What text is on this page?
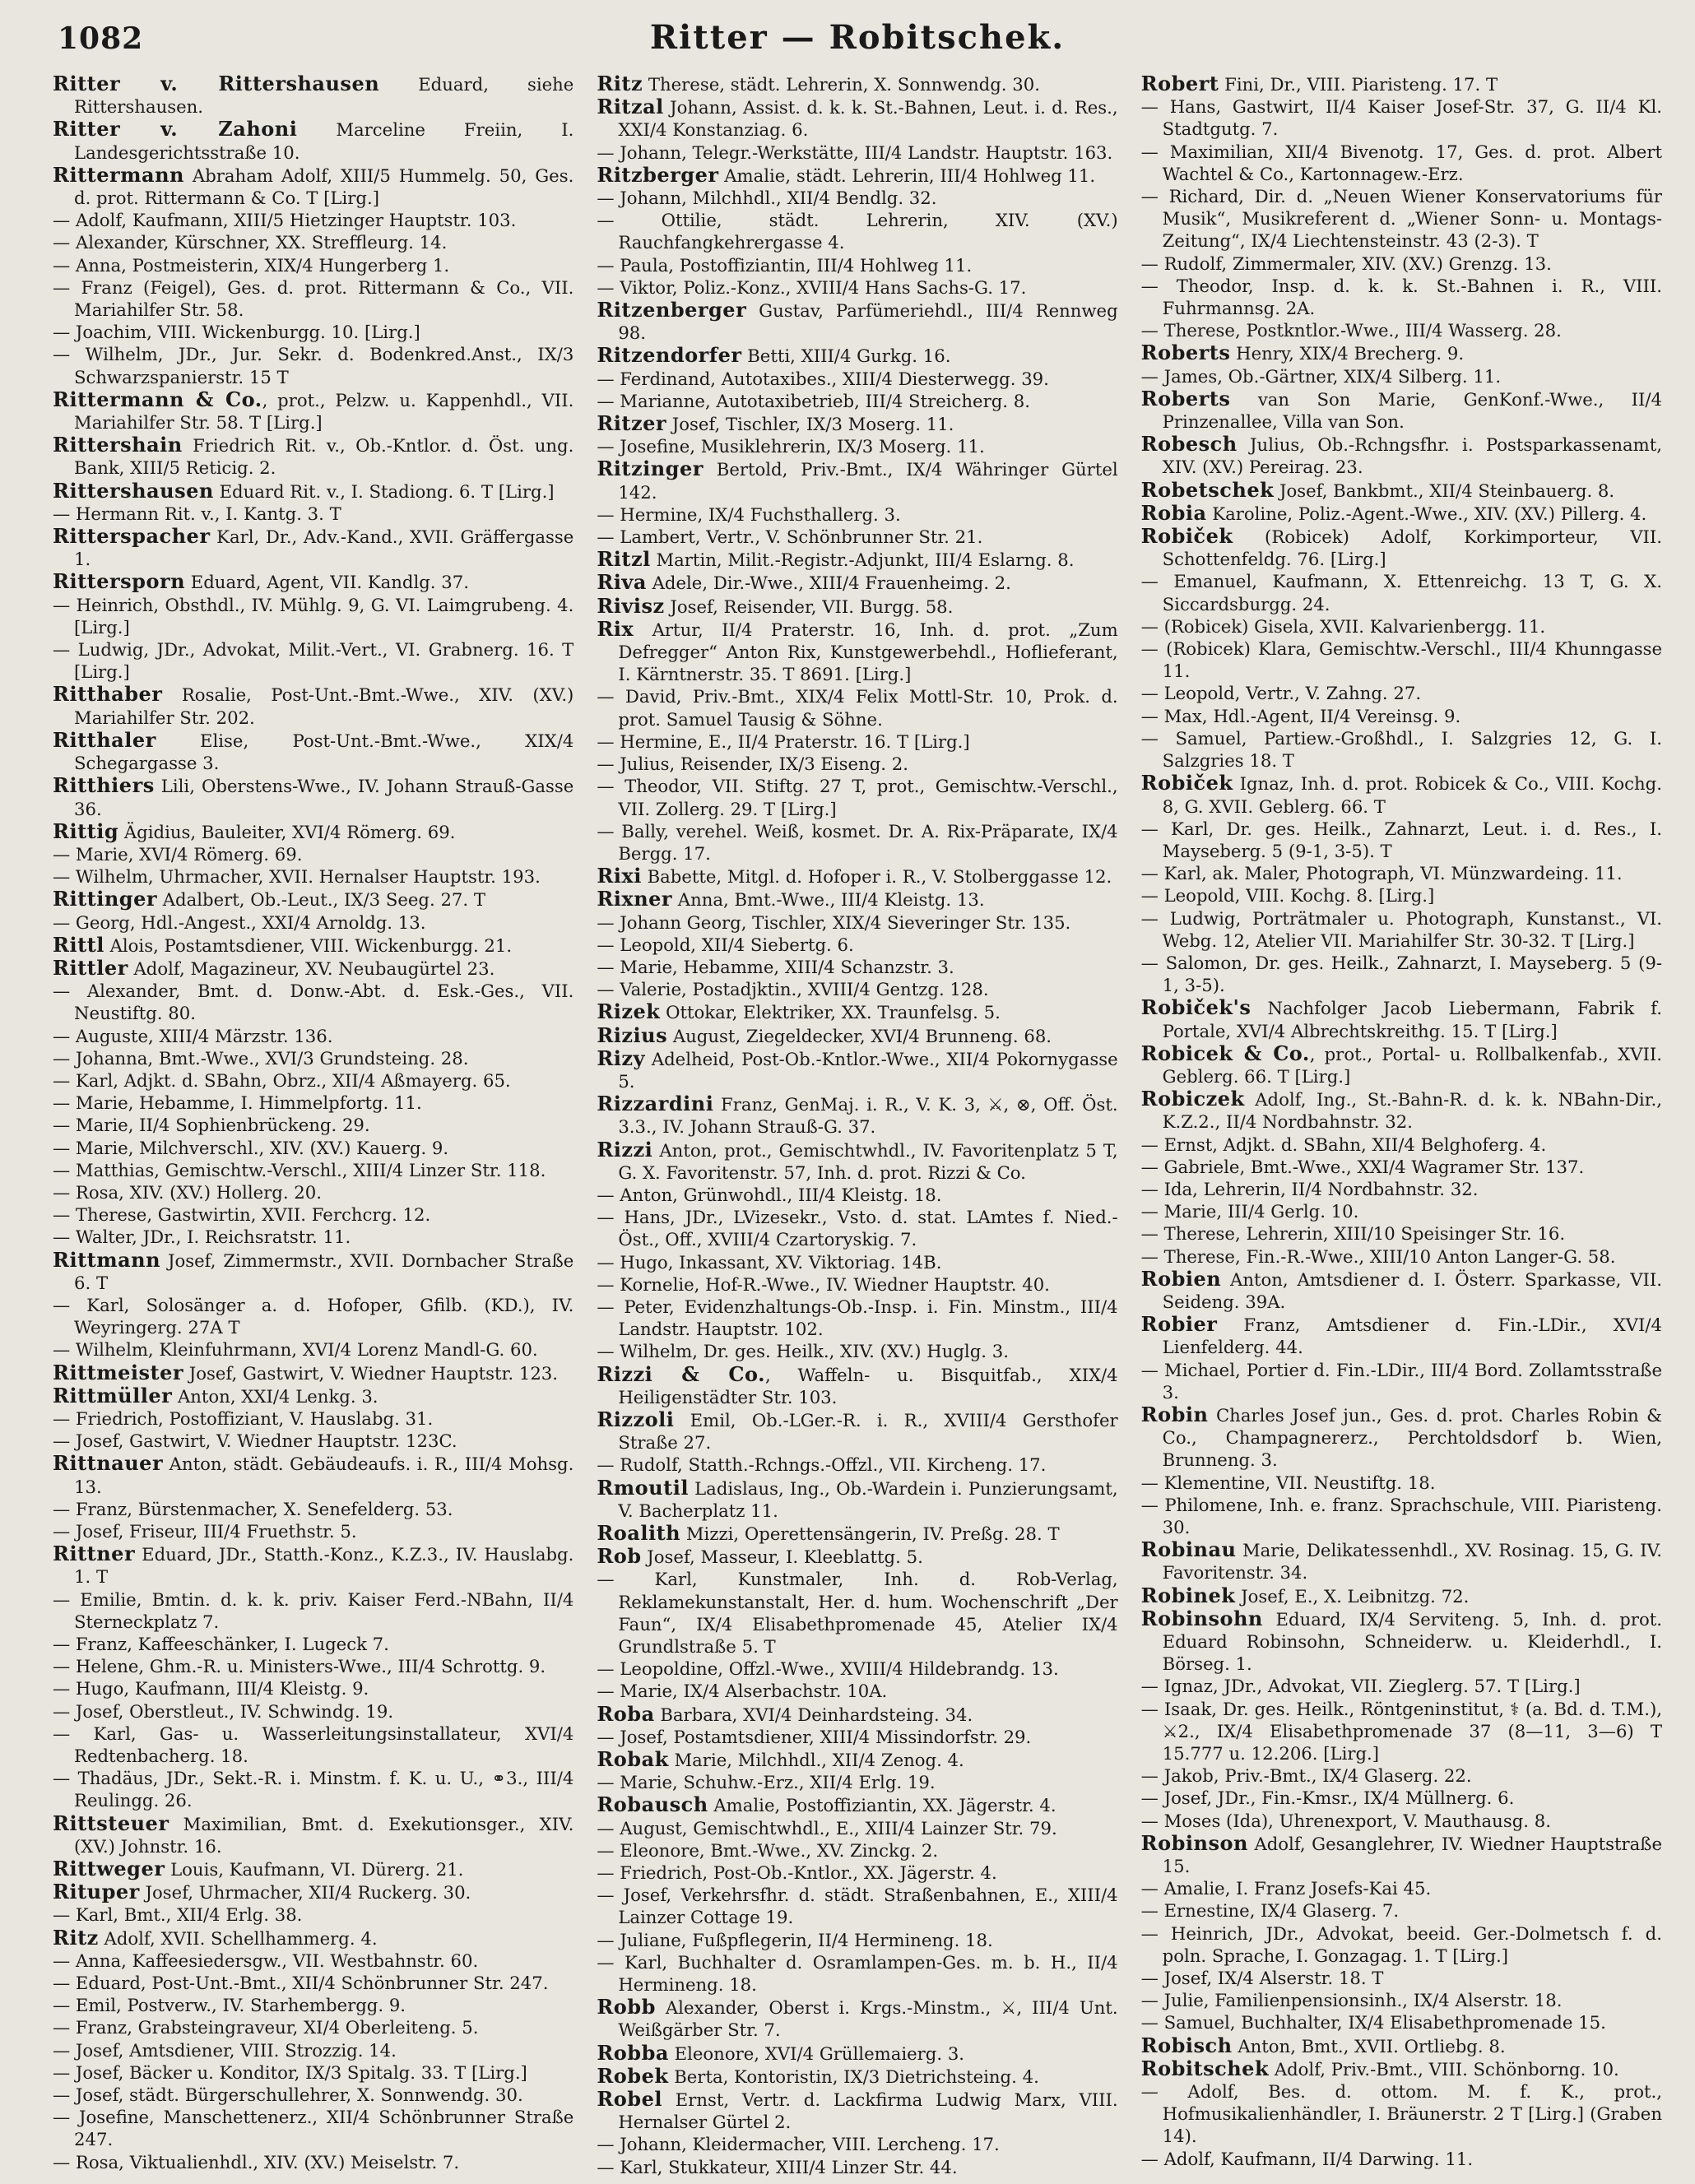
1082	Ritter — Robitschek.
Ritter v. Rittershausen Eduard, siehe Rittershausen.
Ritter v. Zahoni Marceline Freiin, I. Landesgerichtsstraße 10.
Rittermann Abraham Adolf, XIII/5 Hummelg. 50, Ges. d. prot. Rittermann & Co. T [Lirg.]
— Adolf, Kaufmann, XIII/5 Hietzinger Hauptstr. 103.
— Alexander, Kürschner, XX. Streffleurg. 14.
— Anna, Postmeisterin, XIX/4 Hungerberg 1.
— Franz (Feigel), Ges. d. prot. Rittermann & Co., VII. Mariahilfer Str. 58.
— Joachim, VIII. Wickenburgg. 10. [Lirg.]
— Wilhelm, JDr., Jur. Sekr. d. Bodenkred.Anst., IX/3 Schwarzspanierstr. 15 T
Rittermann & Co., prot., Pelzw. u. Kappenhdl., VII. Mariahilfer Str. 58. T [Lirg.]
Rittershain Friedrich Rit. v., Ob.-Kntlor. d. Öst. ung. Bank, XIII/5 Reticig. 2.
Rittershausen Eduard Rit. v., I. Stadiong. 6. T [Lirg.]
— Hermann Rit. v., I. Kantg. 3. T
Ritterspacher Karl, Dr., Adv.-Kand., XVII. Gräffergasse 1.
Rittersporn Eduard, Agent, VII. Kandlg. 37.
— Heinrich, Obsthdl., IV. Mühlg. 9, G. VI. Laimgrubeng. 4. [Lirg.]
— Ludwig, JDr., Advokat, Milit.-Vert., VI. Grabnerg. 16. T [Lirg.]
Ritthaber Rosalie, Post-Unt.-Bmt.-Wwe., XIV. (XV.) Mariahilfer Str. 202.
Ritthaler Elise, Post-Unt.-Bmt.-Wwe., XIX/4 Schegargasse 3.
Ritthiers Lili, Oberstens-Wwe., IV. Johann Strauß-Gasse 36.
Rittig Ägidius, Bauleiter, XVI/4 Römerg. 69.
— Marie, XVI/4 Römerg. 69.
— Wilhelm, Uhrmacher, XVII. Hernalser Hauptstr. 193.
Rittinger Adalbert, Ob.-Leut., IX/3 Seeg. 27. T
— Georg, Hdl.-Angest., XXI/4 Arnoldg. 13.
Rittl Alois, Postamtsdiener, VIII. Wickenburgg. 21.
Rittler Adolf, Magazineur, XV. Neubaugürtel 23.
— Alexander, Bmt. d. Donw.-Abt. d. Esk.-Ges., VII. Neustiftg. 80.
— Auguste, XIII/4 Märzstr. 136.
— Johanna, Bmt.-Wwe., XVI/3 Grundsteing. 28.
— Karl, Adjkt. d. SBahn, Obrz., XII/4 Aßmayerg. 65.
— Marie, Hebamme, I. Himmelpfortg. 11.
— Marie, II/4 Sophienbrückeng. 29.
— Marie, Milchverschl., XIV. (XV.) Kauerg. 9.
— Matthias, Gemischtw.-Verschl., XIII/4 Linzer Str. 118.
— Rosa, XIV. (XV.) Hollerg. 20.
— Therese, Gastwirtin, XVII. Ferchcrg. 12.
— Walter, JDr., I. Reichsratstr. 11.
Rittmann Josef, Zimmermstr., XVII. Dornbacher Straße 6. T
— Karl, Solosänger a. d. Hofoper, Gfilb. (KD.), IV. Weyringerg. 27A T
— Wilhelm, Kleinfuhrmann, XVI/4 Lorenz Mandl-G. 60.
Rittmeister Josef, Gastwirt, V. Wiedner Hauptstr. 123.
Rittmüller Anton, XXI/4 Lenkg. 3.
— Friedrich, Postoffiziant, V. Hauslabg. 31.
— Josef, Gastwirt, V. Wiedner Hauptstr. 123C.
Rittnauer Anton, städt. Gebäudeaufs. i. R., III/4 Mohsg. 13.
— Franz, Bürstenmacher, X. Senefelderg. 53.
— Josef, Friseur, III/4 Fruethstr. 5.
Rittner Eduard, JDr., Statth.-Konz., K.Z.3., IV. Hauslabg. 1. T
— Emilie, Bmtin. d. k. k. priv. Kaiser Ferd.-NBahn, II/4 Sterneckplatz 7.
— Franz, Kaffeeschänker, I. Lugeck 7.
— Helene, Ghm.-R. u. Ministers-Wwe., III/4 Schrottg. 9.
— Hugo, Kaufmann, III/4 Kleistg. 9.
— Josef, Oberstleut., IV. Schwindg. 19.
— Karl, Gas- u. Wasserleitungsinstallateur, XVI/4 Redtenbacherg. 18.
— Thadäus, JDr., Sekt.-R. i. Minstm. f. K. u. U., ⚭3., III/4 Reulingg. 26.
Rittsteuer Maximilian, Bmt. d. Exekutionsger., XIV. (XV.) Johnstr. 16.
Rittweger Louis, Kaufmann, VI. Dürerg. 21.
Rituper Josef, Uhrmacher, XII/4 Ruckerg. 30.
— Karl, Bmt., XII/4 Erlg. 38.
Ritz Adolf, XVII. Schellhammerg. 4.
— Anna, Kaffeesiedersgw., VII. Westbahnstr. 60.
— Eduard, Post-Unt.-Bmt., XII/4 Schönbrunner Str. 247.
— Emil, Postverw., IV. Starhembergg. 9.
— Franz, Grabsteingraveur, XI/4 Oberleiteng. 5.
— Josef, Amtsdiener, VIII. Strozzig. 14.
— Josef, Bäcker u. Konditor, IX/3 Spitalg. 33. T [Lirg.]
— Josef, städt. Bürgerschullehrer, X. Sonnwendg. 30.
— Josefine, Manschettenerz., XII/4 Schönbrunner Straße 247.
— Rosa, Viktualienhdl., XIV. (XV.) Meiselstr. 7.
Ritz Therese, städt. Lehrerin, X. Sonnwendg. 30.
Ritzal Johann, Assist. d. k. k. St.-Bahnen, Leut. i. d. Res., XXI/4 Konstanziag. 6.
— Johann, Telegr.-Werkstätte, III/4 Landstr. Hauptstr. 163.
Ritzberger Amalie, städt. Lehrerin, III/4 Hohlweg 11.
— Johann, Milchhdl., XII/4 Bendlg. 32.
— Ottilie, städt. Lehrerin, XIV. (XV.) Rauchfangkehrergasse 4.
— Paula, Postoffiziantin, III/4 Hohlweg 11.
— Viktor, Poliz.-Konz., XVIII/4 Hans Sachs-G. 17.
Ritzenberger Gustav, Parfümeriehdl., III/4 Rennweg 98.
Ritzendorfer Betti, XIII/4 Gurkg. 16.
— Ferdinand, Autotaxibes., XIII/4 Diesterwegg. 39.
— Marianne, Autotaxibetrieb, III/4 Streicherg. 8.
Ritzer Josef, Tischler, IX/3 Moserg. 11.
— Josefine, Musiklehrerin, IX/3 Moserg. 11.
Ritzinger Bertold, Priv.-Bmt., IX/4 Währinger Gürtel 142.
— Hermine, IX/4 Fuchsthallerg. 3.
— Lambert, Vertr., V. Schönbrunner Str. 21.
Ritzl Martin, Milit.-Registr.-Adjunkt, III/4 Eslarng. 8.
Riva Adele, Dir.-Wwe., XIII/4 Frauenheimg. 2.
Rivisz Josef, Reisender, VII. Burgg. 58.
Rix Artur, II/4 Praterstr. 16, Inh. d. prot. „Zum Defregger“ Anton Rix, Kunstgewerbehdl., Hoflieferant, I. Kärntnerstr. 35. T 8691. [Lirg.]
— David, Priv.-Bmt., XIX/4 Felix Mottl-Str. 10, Prok. d. prot. Samuel Tausig & Söhne.
— Hermine, E., II/4 Praterstr. 16. T [Lirg.]
— Julius, Reisender, IX/3 Eiseng. 2.
— Theodor, VII. Stiftg. 27 T, prot., Gemischtw.-Verschl., VII. Zollerg. 29. T [Lirg.]
— Bally, verehel. Weiß, kosmet. Dr. A. Rix-Präparate, IX/4 Bergg. 17.
Rixi Babette, Mitgl. d. Hofoper i. R., V. Stolberggasse 12.
Rixner Anna, Bmt.-Wwe., III/4 Kleistg. 13.
— Johann Georg, Tischler, XIX/4 Sieveringer Str. 135.
— Leopold, XII/4 Siebertg. 6.
— Marie, Hebamme, XIII/4 Schanzstr. 3.
— Valerie, Postadjktin., XVIII/4 Gentzg. 128.
Rizek Ottokar, Elektriker, XX. Traunfelsg. 5.
Rizius August, Ziegeldecker, XVI/4 Brunneng. 68.
Rizy Adelheid, Post-Ob.-Kntlor.-Wwe., XII/4 Pokornygasse 5.
Rizzardini Franz, GenMaj. i. R., V. K. 3, ⚔, ⊗, Off. Öst. 3.3., IV. Johann Strauß-G. 37.
Rizzi Anton, prot., Gemischtwhdl., IV. Favoritenplatz 5 T, G. X. Favoritenstr. 57, Inh. d. prot. Rizzi & Co.
— Anton, Grünwohdl., III/4 Kleistg. 18.
— Hans, JDr., LVizesekr., Vsto. d. stat. LAmtes f. Nied.-Öst., Off., XVIII/4 Czartoryskig. 7.
— Hugo, Inkassant, XV. Viktoriag. 14B.
— Kornelie, Hof-R.-Wwe., IV. Wiedner Hauptstr. 40.
— Peter, Evidenzhaltungs-Ob.-Insp. i. Fin. Minstm., III/4 Landstr. Hauptstr. 102.
— Wilhelm, Dr. ges. Heilk., XIV. (XV.) Huglg. 3.
Rizzi & Co., Waffeln- u. Bisquitfab., XIX/4 Heiligenstädter Str. 103.
Rizzoli Emil, Ob.-LGer.-R. i. R., XVIII/4 Gersthofer Straße 27.
— Rudolf, Statth.-Rchngs.-Offzl., VII. Kircheng. 17.
Rmoutil Ladislaus, Ing., Ob.-Wardein i. Punzierungsamt, V. Bacherplatz 11.
Roalith Mizzi, Operettensängerin, IV. Preßg. 28. T
Rob Josef, Masseur, I. Kleeblattg. 5.
— Karl, Kunstmaler, Inh. d. Rob-Verlag, Reklamekunstanstalt, Her. d. hum. Wochenschrift „Der Faun“, IX/4 Elisabethpromenade 45, Atelier IX/4 Grundlstraße 5. T
— Leopoldine, Offzl.-Wwe., XVIII/4 Hildebrandg. 13.
— Marie, IX/4 Alserbachstr. 10A.
Roba Barbara, XVI/4 Deinhardsteing. 34.
— Josef, Postamtsdiener, XIII/4 Missindorfstr. 29.
Robak Marie, Milchhdl., XII/4 Zenog. 4.
— Marie, Schuhw.-Erz., XII/4 Erlg. 19.
Robausch Amalie, Postoffiziantin, XX. Jägerstr. 4.
— August, Gemischtwhdl., E., XIII/4 Lainzer Str. 79.
— Eleonore, Bmt.-Wwe., XV. Zinckg. 2.
— Friedrich, Post-Ob.-Kntlor., XX. Jägerstr. 4.
— Josef, Verkehrsfhr. d. städt. Straßenbahnen, E., XIII/4 Lainzer Cottage 19.
— Juliane, Fußpflegerin, II/4 Hermineng. 18.
— Karl, Buchhalter d. Osramlampen-Ges. m. b. H., II/4 Hermineng. 18.
Robb Alexander, Oberst i. Krgs.-Minstm., ⚔, III/4 Unt. Weißgärber Str. 7.
Robba Eleonore, XVI/4 Grüllemaierg. 3.
Robek Berta, Kontoristin, IX/3 Dietrichsteing. 4.
Robel Ernst, Vertr. d. Lackfirma Ludwig Marx, VIII. Hernalser Gürtel 2.
— Johann, Kleidermacher, VIII. Lercheng. 17.
— Karl, Stukkateur, XIII/4 Linzer Str. 44.
Robert Fini, Dr., VIII. Piaristeng. 17. T
— Hans, Gastwirt, II/4 Kaiser Josef-Str. 37, G. II/4 Kl. Stadtgutg. 7.
— Maximilian, XII/4 Bivenotg. 17, Ges. d. prot. Albert Wachtel & Co., Kartonnagew.-Erz.
— Richard, Dir. d. „Neuen Wiener Konservatoriums für Musik“, Musikreferent d. „Wiener Sonn- u. Montags-Zeitung“, IX/4 Liechtensteinstr. 43 (2-3). T
— Rudolf, Zimmermaler, XIV. (XV.) Grenzg. 13.
— Theodor, Insp. d. k. k. St.-Bahnen i. R., VIII. Fuhrmannsg. 2A.
— Therese, Postkntlor.-Wwe., III/4 Wasserg. 28.
Roberts Henry, XIX/4 Brecherg. 9.
— James, Ob.-Gärtner, XIX/4 Silberg. 11.
Roberts van Son Marie, GenKonf.-Wwe., II/4 Prinzenallee, Villa van Son.
Robesch Julius, Ob.-Rchngsfhr. i. Postsparkassenamt, XIV. (XV.) Pereirag. 23.
Robetschek Josef, Bankbmt., XII/4 Steinbauerg. 8.
Robia Karoline, Poliz.-Agent.-Wwe., XIV. (XV.) Pillerg. 4.
Robiček (Robicek) Adolf, Korkimporteur, VII. Schottenfeldg. 76. [Lirg.]
— Emanuel, Kaufmann, X. Ettenreichg. 13 T, G. X. Siccardsburgg. 24.
— (Robicek) Gisela, XVII. Kalvarienbergg. 11.
— (Robicek) Klara, Gemischtw.-Verschl., III/4 Khunngasse 11.
— Leopold, Vertr., V. Zahng. 27.
— Max, Hdl.-Agent, II/4 Vereinsg. 9.
— Samuel, Partiew.-Großhdl., I. Salzgries 12, G. I. Salzgries 18. T
Robiček Ignaz, Inh. d. prot. Robicek & Co., VIII. Kochg. 8, G. XVII. Geblerg. 66. T
— Karl, Dr. ges. Heilk., Zahnarzt, Leut. i. d. Res., I. Mayseberg. 5 (9-1, 3-5). T
— Karl, ak. Maler, Photograph, VI. Münzwardeing. 11.
— Leopold, VIII. Kochg. 8. [Lirg.]
— Ludwig, Porträtmaler u. Photograph, Kunstanst., VI. Webg. 12, Atelier VII. Mariahilfer Str. 30-32. T [Lirg.]
— Salomon, Dr. ges. Heilk., Zahnarzt, I. Mayseberg. 5 (9-1, 3-5).
Robiček's Nachfolger Jacob Liebermann, Fabrik f. Portale, XVI/4 Albrechtskreithg. 15. T [Lirg.]
Robicek & Co., prot., Portal- u. Rollbalkenfab., XVII. Geblerg. 66. T [Lirg.]
Robiczek Adolf, Ing., St.-Bahn-R. d. k. k. NBahn-Dir., K.Z.2., II/4 Nordbahnstr. 32.
— Ernst, Adjkt. d. SBahn, XII/4 Belghoferg. 4.
— Gabriele, Bmt.-Wwe., XXI/4 Wagramer Str. 137.
— Ida, Lehrerin, II/4 Nordbahnstr. 32.
— Marie, III/4 Gerlg. 10.
— Therese, Lehrerin, XIII/10 Speisinger Str. 16.
— Therese, Fin.-R.-Wwe., XIII/10 Anton Langer-G. 58.
Robien Anton, Amtsdiener d. I. Österr. Sparkasse, VII. Seideng. 39A.
Robier Franz, Amtsdiener d. Fin.-LDir., XVI/4 Lienfelderg. 44.
— Michael, Portier d. Fin.-LDir., III/4 Bord. Zollamtsstraße 3.
Robin Charles Josef jun., Ges. d. prot. Charles Robin & Co., Champagnererz., Perchtoldsdorf b. Wien, Brunneng. 3.
— Klementine, VII. Neustiftg. 18.
— Philomene, Inh. e. franz. Sprachschule, VIII. Piaristeng. 30.
Robinau Marie, Delikatessenhdl., XV. Rosinag. 15, G. IV. Favoritenstr. 34.
Robinek Josef, E., X. Leibnitzg. 72.
Robinsohn Eduard, IX/4 Serviteng. 5, Inh. d. prot. Eduard Robinsohn, Schneiderw. u. Kleiderhdl., I. Börseg. 1.
— Ignaz, JDr., Advokat, VII. Zieglerg. 57. T [Lirg.]
— Isaak, Dr. ges. Heilk., Röntgeninstitut, ⚕ (a. Bd. d. T.M.), ⚔2., IX/4 Elisabethpromenade 37 (8—11, 3—6) T 15.777 u. 12.206. [Lirg.]
— Jakob, Priv.-Bmt., IX/4 Glaserg. 22.
— Josef, JDr., Fin.-Kmsr., IX/4 Müllnerg. 6.
— Moses (Ida), Uhrenexport, V. Mauthausg. 8.
Robinson Adolf, Gesanglehrer, IV. Wiedner Hauptstraße 15.
— Amalie, I. Franz Josefs-Kai 45.
— Ernestine, IX/4 Glaserg. 7.
— Heinrich, JDr., Advokat, beeid. Ger.-Dolmetsch f. d. poln. Sprache, I. Gonzagag. 1. T [Lirg.]
— Josef, IX/4 Alserstr. 18. T
— Julie, Familienpensionsinh., IX/4 Alserstr. 18.
— Samuel, Buchhalter, IX/4 Elisabethpromenade 15.
Robisch Anton, Bmt., XVII. Ortliebg. 8.
Robitschek Adolf, Priv.-Bmt., VIII. Schönborng. 10.
— Adolf, Bes. d. ottom. M. f. K., prot., Hofmusikalienhändler, I. Bräunerstr. 2 T [Lirg.] (Graben 14).
— Adolf, Kaufmann, II/4 Darwing. 11.
